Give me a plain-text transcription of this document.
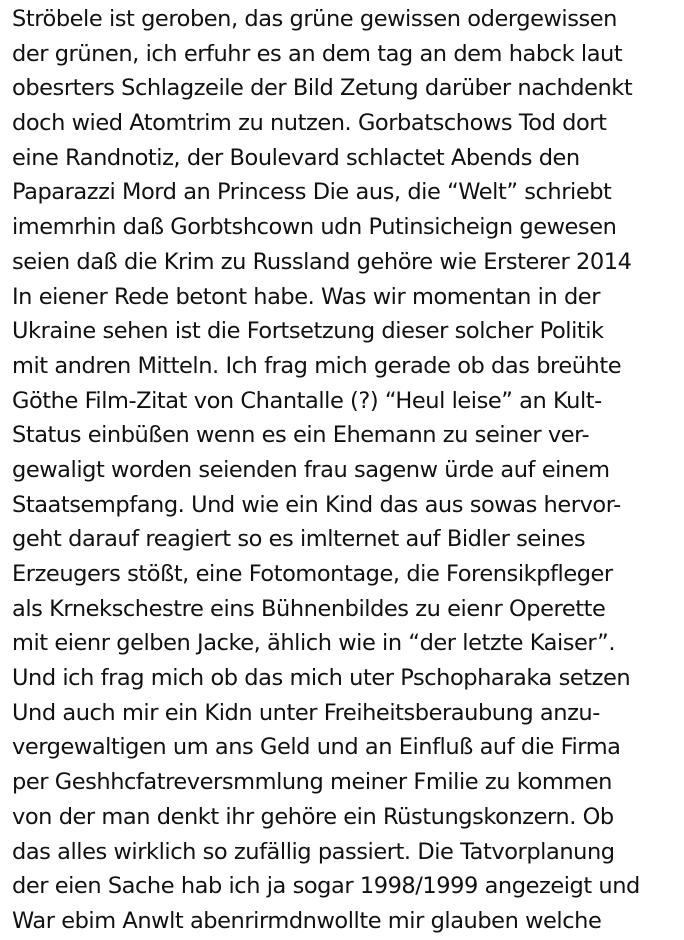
Ströbele ist geroben, das grüne gewissen odergewissen
der grünen, ich erfuhr es an dem tag an dem habck laut
obesrters Schlagzeile der Bild Zetung darüber nachdenkt
doch wied Atomtrim zu nutzen. Gorbatschows Tod dort
eine Randnotiz, der Boulevard schlactet Abends den
Paparazzi Mord an Princess Die aus, die “Welt” schriebt
imemrhin daß Gorbtshcown udn Putinsicheign gewesen
seien daß die Krim zu Russland gehöre wie Ersterer 2014
In eiener Rede betont habe. Was wir momentan in der
Ukraine sehen ist die Fortsetzung dieser solcher Politik
mit andren Mitteln. Ich frag mich gerade ob das breühte
Göthe Film-Zitat von Chantalle (?) “Heul leise” an Kult-
Status einbüßen wenn es ein Ehemann zu seiner ver-
gewaligt worden seienden frau sagenw ürde auf einem
Staatsempfang. Und wie ein Kind das aus sowas hervor-
geht darauf reagiert so es imlternet auf Bidler seines
Erzeugers stößt, eine Fotomontage, die Forensikpfleger
als Krnekschestre eins Bühnenbildes zu eienr Operette
mit eienr gelben Jacke, ählich wie in “der letzte Kaiser”.
Und ich frag mich ob das mich uter Pschopharaka setzen
Und auch mir ein Kidn unter Freiheitsberaubung anzu-
vergewaltigen um ans Geld und an Einfluß auf die Firma
per Geshhcfatreversmmlung meiner Fmilie zu kommen
von der man denkt ihr gehöre ein Rüstungskonzern. Ob
das alles wirklich so zufällig passiert. Die Tatvorplanung
der eien Sache hab ich ja sogar 1998/1999 angezeigt und
War ebim Anwlt abenrirmdnwollte mir glauben welche
